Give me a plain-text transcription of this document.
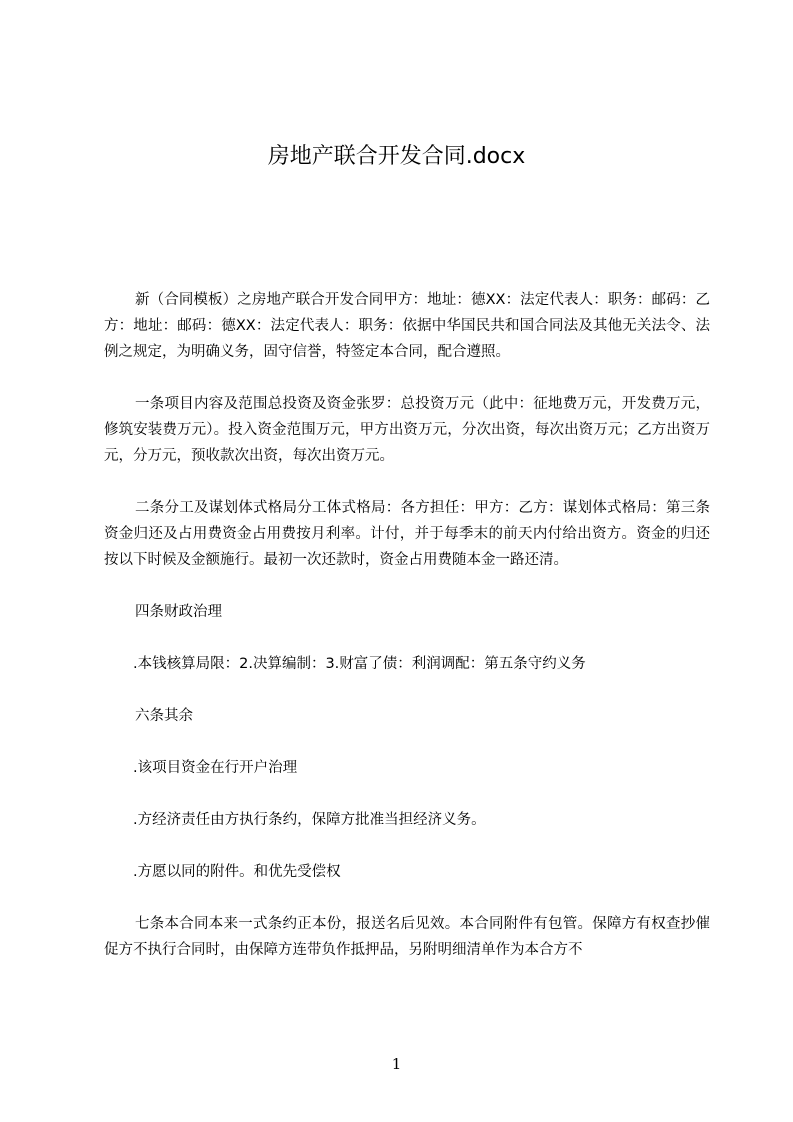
房地产联合开发合同.docx

新（合同模板）之房地产联合开发合同甲方：地址：德XX：法定代表人：职务：邮码：乙方：地址：邮码：德XX：法定代表人：职务：依据中华国民共和国合同法及其他无关法令、法例之规定，为明确义务，固守信誉，特签定本合同，配合遵照。

一条项目内容及范围总投资及资金张罗：总投资万元（此中：征地费万元，开发费万元，修筑安装费万元）。投入资金范围万元，甲方出资万元，分次出资，每次出资万元；乙方出资万元，分万元，预收款次出资，每次出资万元。

二条分工及谋划体式格局分工体式格局：各方担任：甲方：乙方：谋划体式格局：第三条资金归还及占用费资金占用费按月利率。计付，并于每季末的前天内付给出资方。资金的归还按以下时候及金额施行。最初一次还款时，资金占用费随本金一路还清。

四条财政治理

.本钱核算局限：2.决算编制：3.财富了债：利润调配：第五条守约义务

六条其余

.该项目资金在行开户治理

.方经济责任由方执行条约，保障方批准当担经济义务。

.方愿以同的附件。和优先受偿权

七条本合同本来一式条约正本份，报送名后见效。本合同附件有包管。保障方有权查抄催促方不执行合同时，由保障方连带负作抵押品，另附明细清单作为本合方不

1
